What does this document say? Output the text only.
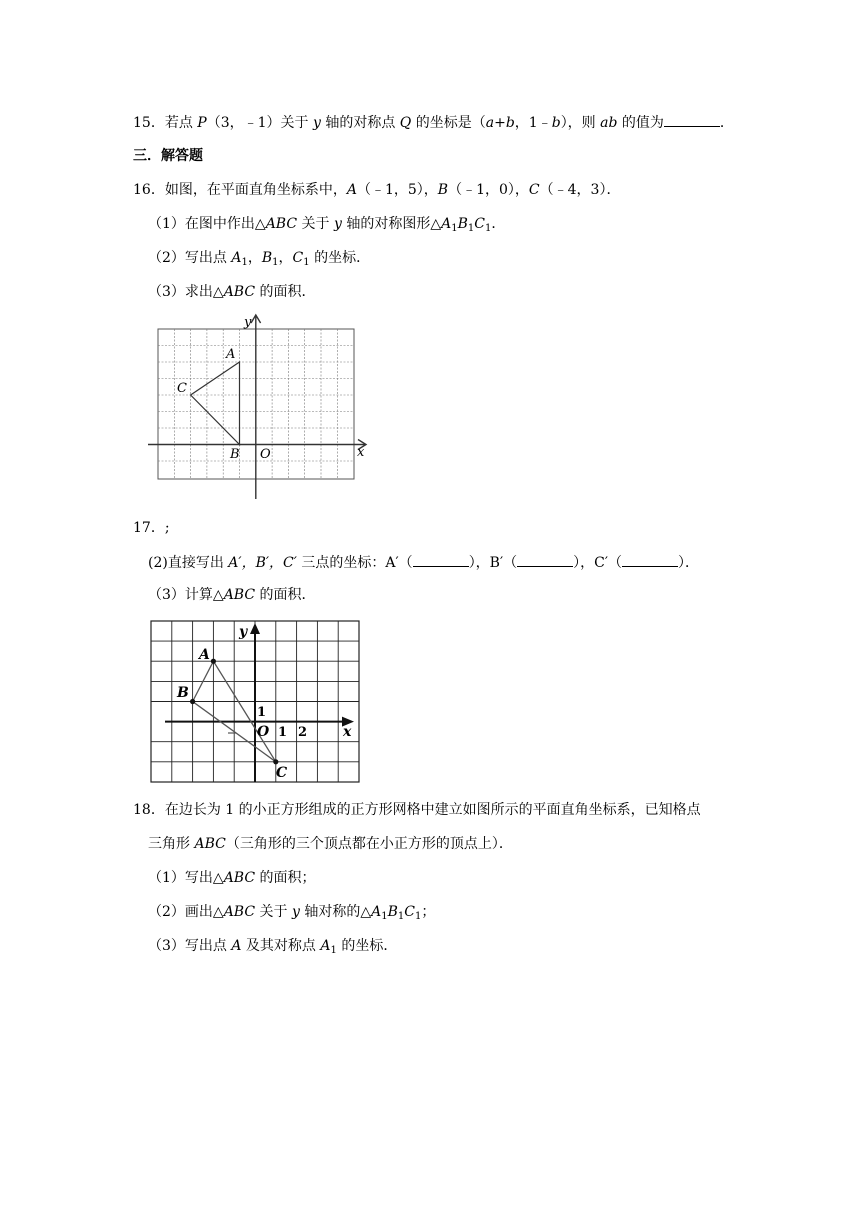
15．若点 P（3，﹣1）关于 y 轴的对称点 Q 的坐标是（a+b，1﹣b），则 ab 的值为	．
三．解答题
16．如图，在平面直角坐标系中，A（﹣1，5），B（﹣1，0），C（﹣4，3）．
（1）在图中作出△ABC 关于 y 轴的对称图形$\triangle A_1B_1C_1$．
（2）写出点 $A_1$，$B_1$，$C_1$ 的坐标．
（3）求出△ABC 的面积．
y
x
A
C
B O
17．;
(2)直接写出 A′，B′，C′ 三点的坐标：A′（	），B′（	），C′（	）．
（3）计算△ABC 的面积．
y
x
A
B
C
O
1
1 2
18．在边长为 1 的小正方形组成的正方形网格中建立如图所示的平面直角坐标系，已知格点
三角形 ABC（三角形的三个顶点都在小正方形的顶点上）．
（1）写出△ABC 的面积；
（2）画出△ABC 关于 y 轴对称的$\triangle A_1B_1C_1$；
（3）写出点 A 及其对称点 $A_1$ 的坐标．
